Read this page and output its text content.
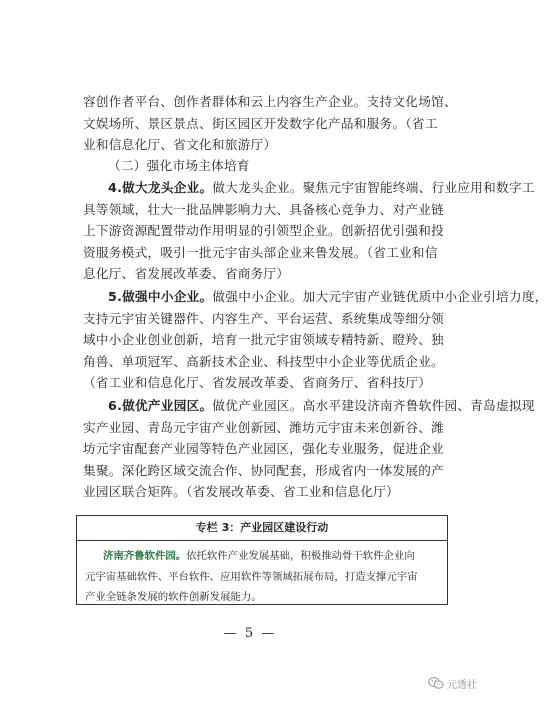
容创作者平台、创作者群体和云上内容生产企业。支持文化场馆、
文娱场所、景区景点、街区园区开发数字化产品和服务。（省工
业和信息化厅、省文化和旅游厅）
（二）强化市场主体培育
4.做大龙头企业。做大龙头企业。聚焦元宇宙智能终端、行业应用和数字工
具等领域，壮大一批品牌影响力大、具备核心竞争力、对产业链
上下游资源配置带动作用明显的引领型企业。创新招优引强和投
资服务模式，吸引一批元宇宙头部企业来鲁发展。（省工业和信
息化厅、省发展改革委、省商务厅）
5.做强中小企业。做强中小企业。加大元宇宙产业链优质中小企业引培力度，
支持元宇宙关键器件、内容生产、平台运营、系统集成等细分领
域中小企业创业创新，培育一批元宇宙领域专精特新、瞪羚、独
角兽、单项冠军、高新技术企业、科技型中小企业等优质企业。
（省工业和信息化厅、省发展改革委、省商务厅、省科技厅）
6.做优产业园区。做优产业园区。高水平建设济南齐鲁软件园、青岛虚拟现
实产业园、青岛元宇宙产业创新园、潍坊元宇宙未来创新谷、潍
坊元宇宙配套产业园等特色产业园区，强化专业服务，促进企业
集聚。深化跨区域交流合作、协同配套，形成省内一体发展的产
业园区联合矩阵。（省发展改革委、省工业和信息化厅）
专栏 3：产业园区建设行动
济南齐鲁软件园。依托软件产业发展基础，积极推动骨干软件企业向
元宇宙基础软件、平台软件、应用软件等领域拓展布局，打造支撑元宇宙
产业全链条发展的软件创新发展能力。
— 5 —
元透社
